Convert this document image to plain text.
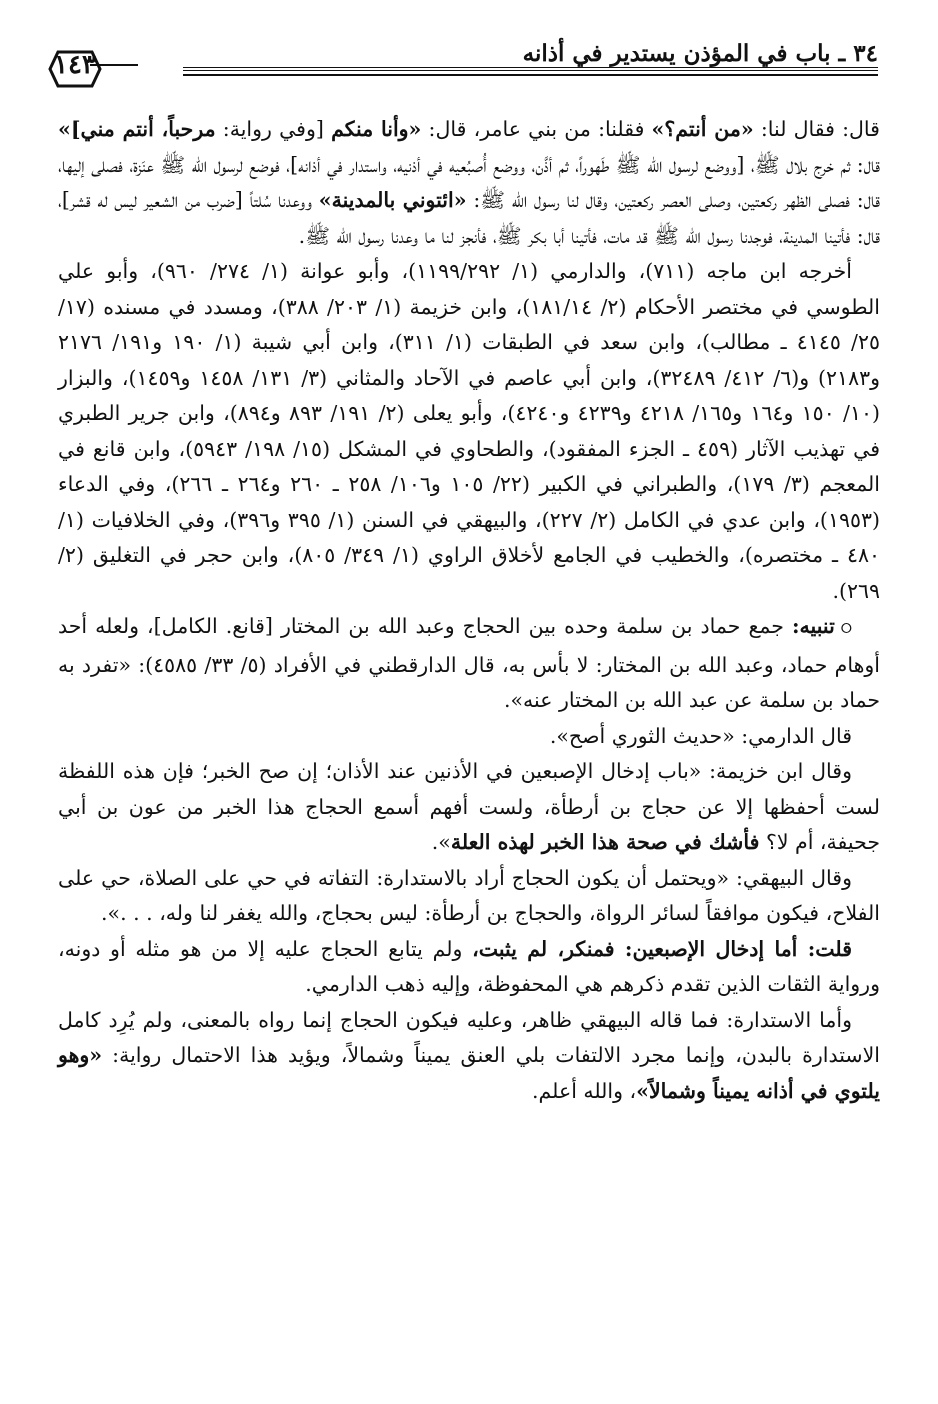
٣٤ ـ باب في المؤذن يستدير في أذانه
١٤٣

قال: فقال لنا: «من أنتم؟» فقلنا: من بني عامر، قال: «وأنا منكم [وفي رواية: مرحباً، أنتم مني]» قال: ثم خرج بلال ﷺ، [ووضع لرسول الله ﷺ طَهوراً، ثم أذَّن، ووضع أُصبُعيه في أذنيه، واستدار في أذانه]، فوضع لرسول الله ﷺ عنَزة، فصلى إليها، قال: فصلى الظهر ركعتين، وصلى العصر ركعتين، وقال لنا رسول الله ﷺ: «ائتوني بالمدينة» ووعدنا سُلتاً [ضرب من الشعير ليس له قشر]، قال: فأتينا المدينة، فوجدنا رسول الله ﷺ قد مات، فأتينا أبا بكر ﷺ، فأنجز لنا ما وعدنا رسول الله ﷺ.

أخرجه ابن ماجه (٧١١)، والدارمي (١/ ١١٩٩/٢٩٢)، وأبو عوانة (١/ ٢٧٤/ ٩٦٠)، وأبو علي الطوسي في مختصر الأحكام (٢/ ١٨١/١٤)، وابن خزيمة (١/ ٢٠٣/ ٣٨٨)، ومسدد في مسنده (١٧/ ٢٥/ ٤١٤٥ ـ مطالب)، وابن سعد في الطبقات (١/ ٣١١)، وابن أبي شيبة (١/ ١٩٠ و١٩١/ ٢١٧٦ و٢١٨٣) و(٦/ ٤١٢/ ٣٢٤٨٩)، وابن أبي عاصم في الآحاد والمثاني (٣/ ١٣١/ ١٤٥٨ و١٤٥٩)، والبزار (١٠/ ١٥٠ و١٦٤ و١٦٥/ ٤٢١٨ و٤٢٣٩ و٤٢٤٠)، وأبو يعلى (٢/ ١٩١/ ٨٩٣ و٨٩٤)، وابن جرير الطبري في تهذيب الآثار (٤٥٩ ـ الجزء المفقود)، والطحاوي في المشكل (١٥/ ١٩٨/ ٥٩٤٣)، وابن قانع في المعجم (٣/ ١٧٩)، والطبراني في الكبير (٢٢/ ١٠٥ و١٠٦/ ٢٥٨ ـ ٢٦٠ و٢٦٤ ـ ٢٦٦)، وفي الدعاء (١٩٥٣)، وابن عدي في الكامل (٢/ ٢٢٧)، والبيهقي في السنن (١/ ٣٩٥ و٣٩٦)، وفي الخلافيات (١/ ٤٨٠ ـ مختصره)، والخطيب في الجامع لأخلاق الراوي (١/ ٣٤٩/ ٨٠٥)، وابن حجر في التغليق (٢/ ٢٦٩).

⭘ تنبيه: جمع حماد بن سلمة وحده بين الحجاج وعبد الله بن المختار [قانع. الكامل]، ولعله أحد أوهام حماد، وعبد الله بن المختار: لا بأس به، قال الدارقطني في الأفراد (٥/ ٣٣/ ٤٥٨٥): «تفرد به حماد بن سلمة عن عبد الله بن المختار عنه».

قال الدارمي: «حديث الثوري أصح».

وقال ابن خزيمة: «باب إدخال الإصبعين في الأذنين عند الأذان؛ إن صح الخبر؛ فإن هذه اللفظة لست أحفظها إلا عن حجاج بن أرطأة، ولست أفهم أسمع الحجاج هذا الخبر من عون بن أبي جحيفة، أم لا؟ فأشك في صحة هذا الخبر لهذه العلة».

وقال البيهقي: «ويحتمل أن يكون الحجاج أراد بالاستدارة: التفاته في حي على الصلاة، حي على الفلاح، فيكون موافقاً لسائر الرواة، والحجاج بن أرطأة: ليس بحجاج، والله يغفر لنا وله، . . .».

قلت: أما إدخال الإصبعين: فمنكر، لم يثبت، ولم يتابع الحجاج عليه إلا من هو مثله أو دونه، ورواية الثقات الذين تقدم ذكرهم هي المحفوظة، وإليه ذهب الدارمي.

وأما الاستدارة: فما قاله البيهقي ظاهر، وعليه فيكون الحجاج إنما رواه بالمعنى، ولم يُرِد كامل الاستدارة بالبدن، وإنما مجرد الالتفات بلي العنق يميناً وشمالاً، ويؤيد هذا الاحتمال رواية: «وهو يلتوي في أذانه يميناً وشمالاً»، والله أعلم.
